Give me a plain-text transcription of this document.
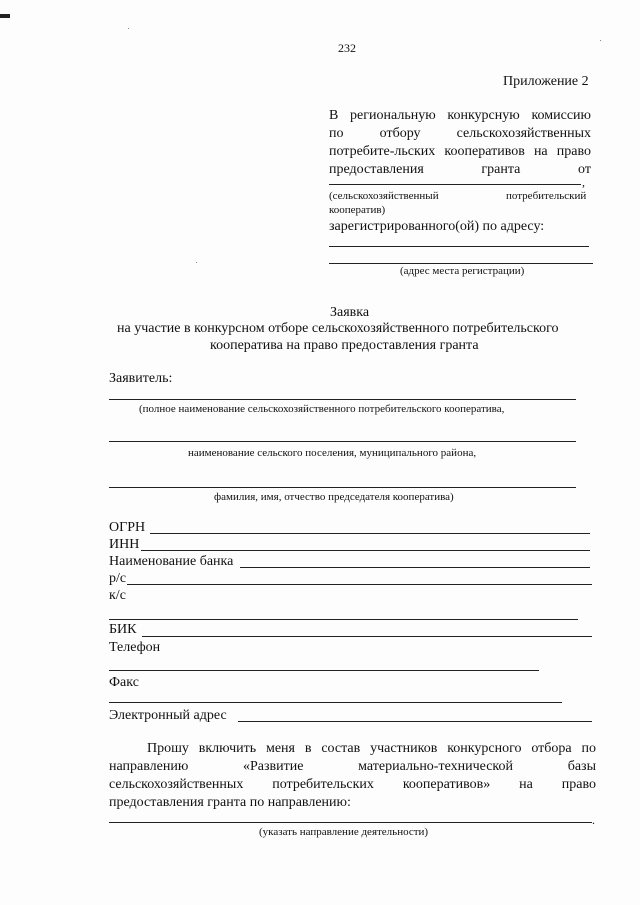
232
Приложение 2
В региональную конкурсную комиссию
по отбору сельскохозяйственных
потребите-льских кооперативов на право
предоставления гранта от
,
(сельскохозяйственный	потребительский
кооператив)
зарегистрированного(ой) по адресу:
(адрес места регистрации)
Заявка
на участие в конкурсном отборе сельскохозяйственного потребительского
кооператива на право предоставления гранта
Заявитель:
(полное наименование сельскохозяйственного потребительского кооператива,
наименование сельского поселения, муниципального района,
фамилия, имя, отчество председателя кооператива)
ОГРН
ИНН
Наименование банка
р/с
к/с
БИК
Телефон
Факс
Электронный адрес
Прошу включить меня в состав участников конкурсного отбора по
направлению «Развитие материально-технической базы
сельскохозяйственных потребительских кооперативов» на право
предоставления гранта по направлению:
.
(указать направление деятельности)
